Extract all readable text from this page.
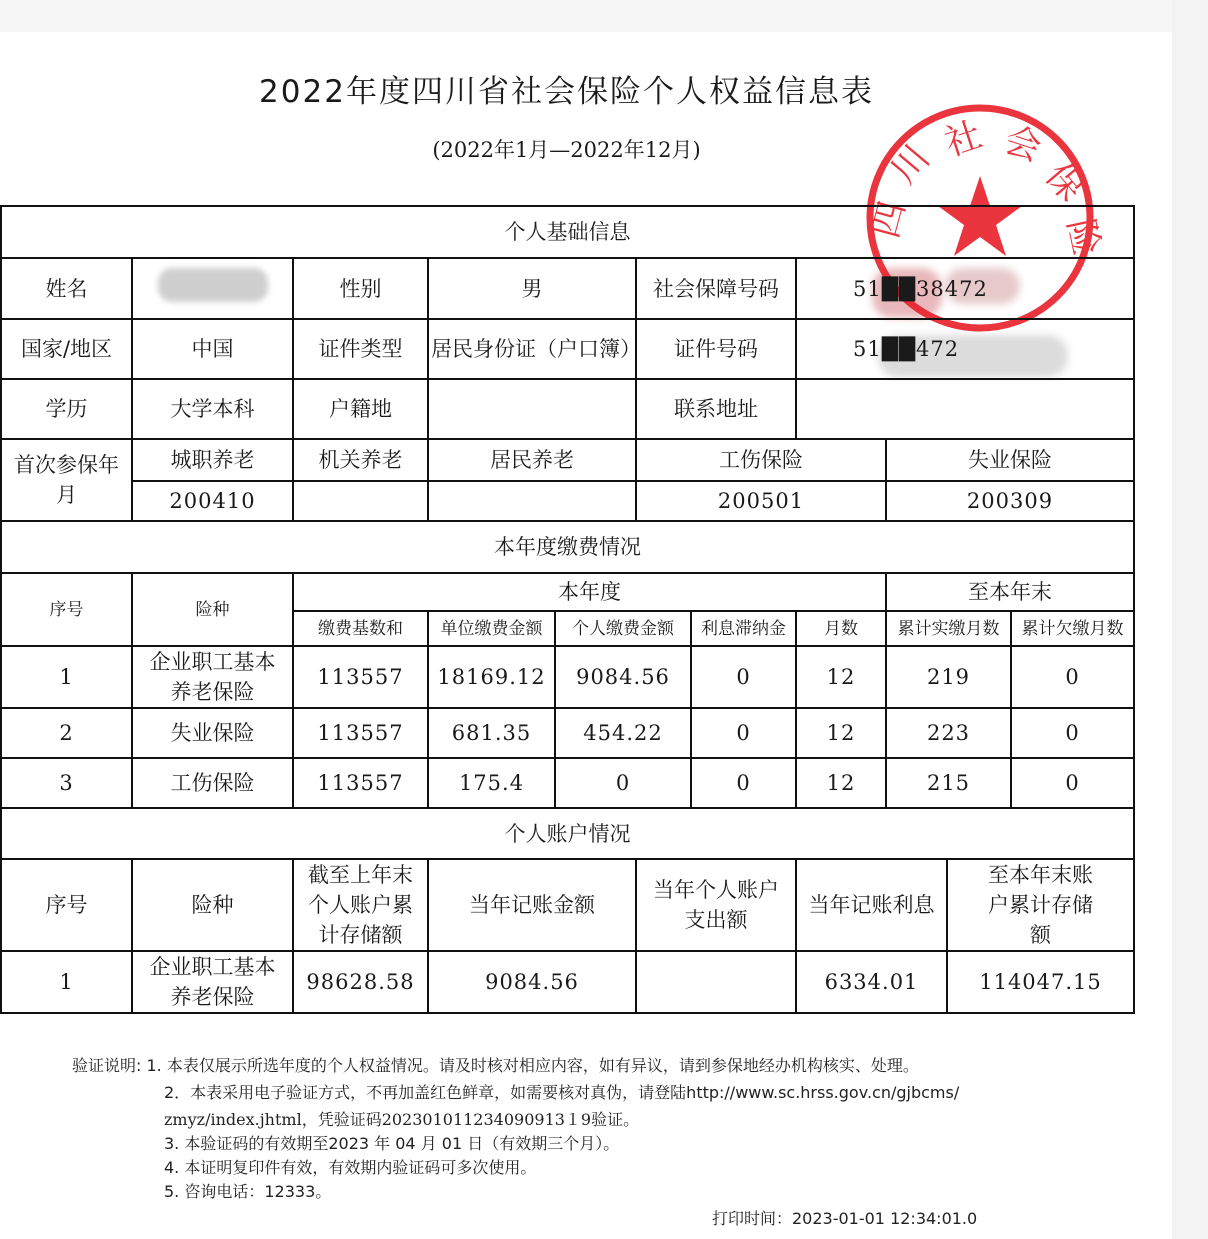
2022年度四川省社会保险个人权益信息表
(2022年1月—2022年12月)
四
川 社 会
保
险
个人基础信息										
姓名		性别	男		社会保障号码		51██38472			
国家/地区	中国	证件类型	居民身份证（户口簿）		证件号码		51██472			
学历	大学本科	户籍地			联系地址					
首次参保年月	城职养老	机关养老	居民养老		工伤保险			失业保险		
	200410				200501			200309		
本年度缴费情况										
序号	险种	本年度						至本年末		
		缴费基数和	单位缴费金额	个人缴费金额		利息滞纳金	月数	累计实缴月数		累计欠缴月数
1	企业职工基本养老保险	113557	18169.12	9084.56		0	12	219		0
2	失业保险	113557	681.35	454.22		0	12	223		0
3	工伤保险	113557	175.4	0		0	12	215		0
个人账户情况										
序号	险种	截至上年末个人账户累计存储额	当年记账金额		当年个人账户支出额		当年记账利息		至本年末账户累计存储额	
1	企业职工基本养老保险	98628.58	9084.56				6334.01		114047.15	
验证说明: 1. 本表仅展示所选年度的个人权益情况。请及时核对相应内容，如有异议，请到参保地经办机构核实、处理。
2．本表采用电子验证方式，不再加盖红色鲜章，如需要核对真伪，请登陆http://www.sc.hrss.gov.cn/gjbcms/
zmyz/index.jhtml，凭验证码202301011234090913１9验证。
3. 本验证码的有效期至2023 年 04 月 01 日（有效期三个月）。
4. 本证明复印件有效，有效期内验证码可多次使用。
5. 咨询电话：12333。
打印时间：2023-01-01 12:34:01.0
